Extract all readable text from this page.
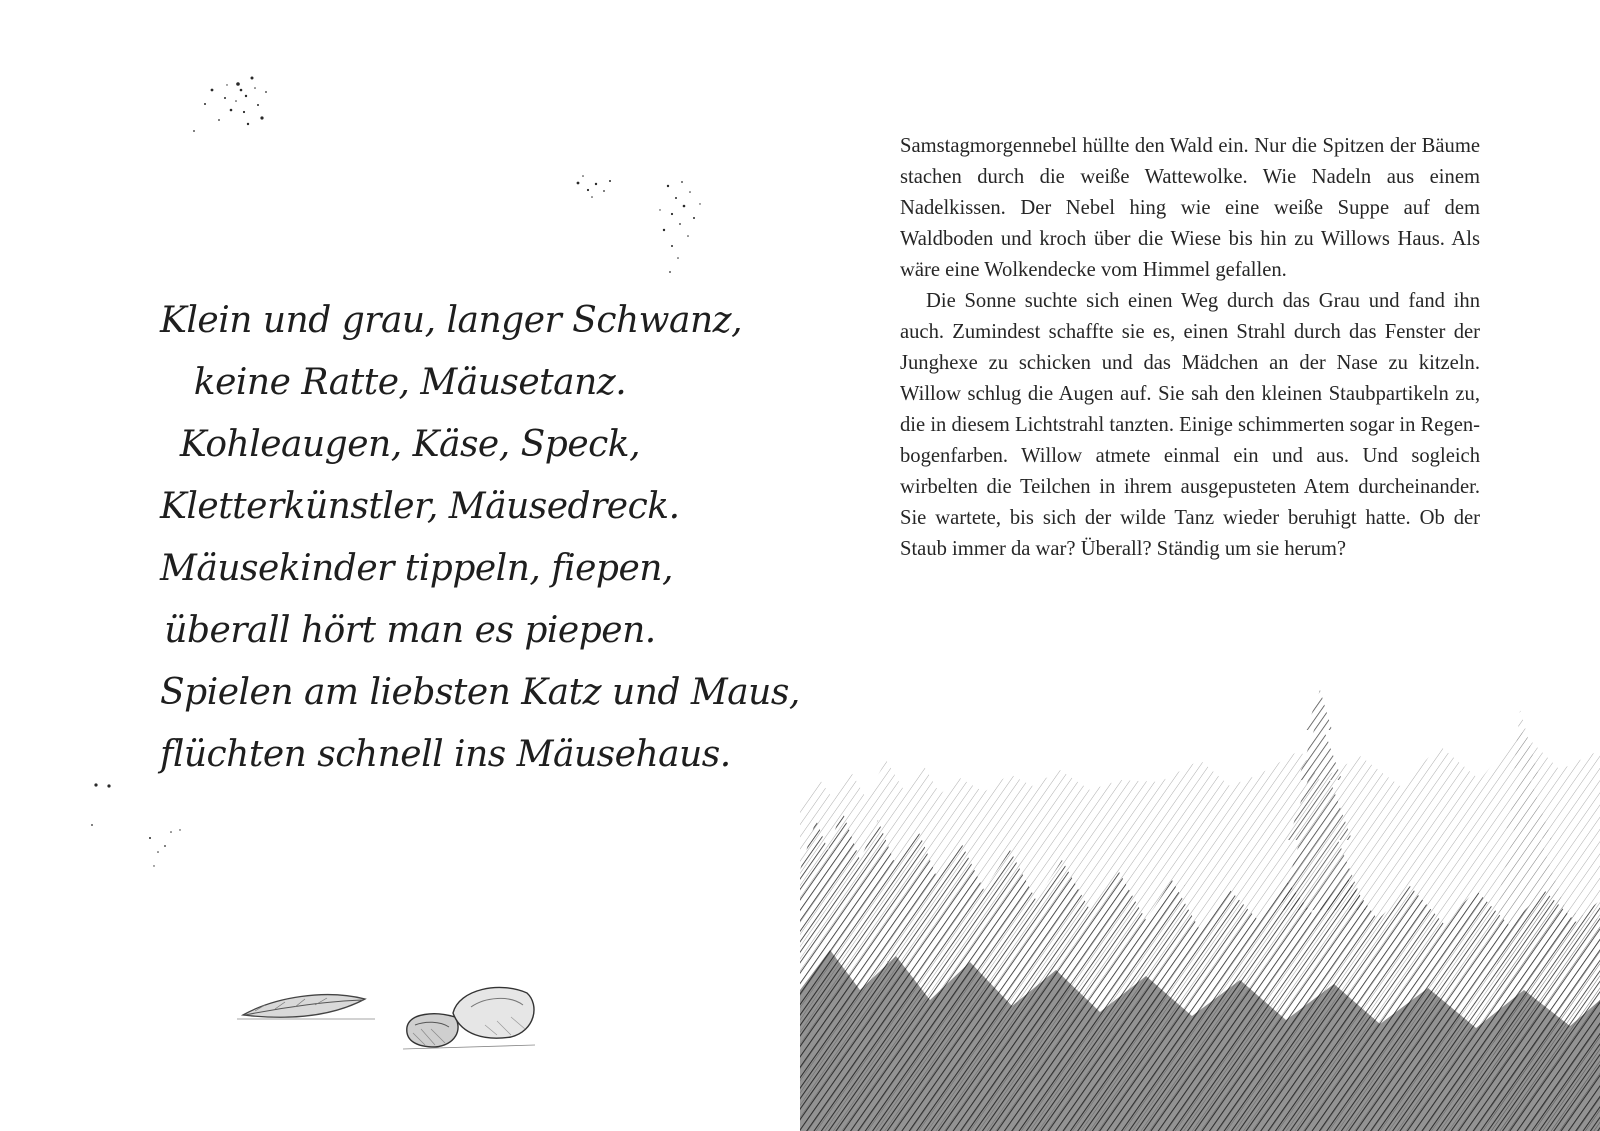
Klein und grau, langer Schwanz,
keine Ratte, Mäusetanz.
Kohleaugen, Käse, Speck,
Kletterkünstler, Mäusedreck.
Mäusekinder tippeln, fiepen,
überall hört man es piepen.
Spielen am liebsten Katz und Maus,
flüchten schnell ins Mäusehaus.

Samstagmorgennebel hüllte den Wald ein. Nur die Spitzen der Bäume stachen durch die weiße Wattewolke. Wie Nadeln aus einem Nadelkissen. Der Nebel hing wie eine weiße Suppe auf dem Waldboden und kroch über die Wiese bis hin zu Willows Haus. Als wäre eine Wolkendecke vom Himmel gefallen.

Die Sonne suchte sich einen Weg durch das Grau und fand ihn auch. Zumindest schaffte sie es, einen Strahl durch das Fenster der Junghexe zu schicken und das Mädchen an der Nase zu kitzeln. Willow schlug die Augen auf. Sie sah den kleinen Staubpartikeln zu, die in diesem Lichtstrahl tanzten. Einige schimmerten sogar in Regenbogenfarben. Willow atmete einmal ein und aus. Und sogleich wirbelten die Teilchen in ihrem ausgepusteten Atem durcheinander. Sie wartete, bis sich der wilde Tanz wieder beruhigt hatte. Ob der Staub immer da war? Überall? Ständig um sie herum?
